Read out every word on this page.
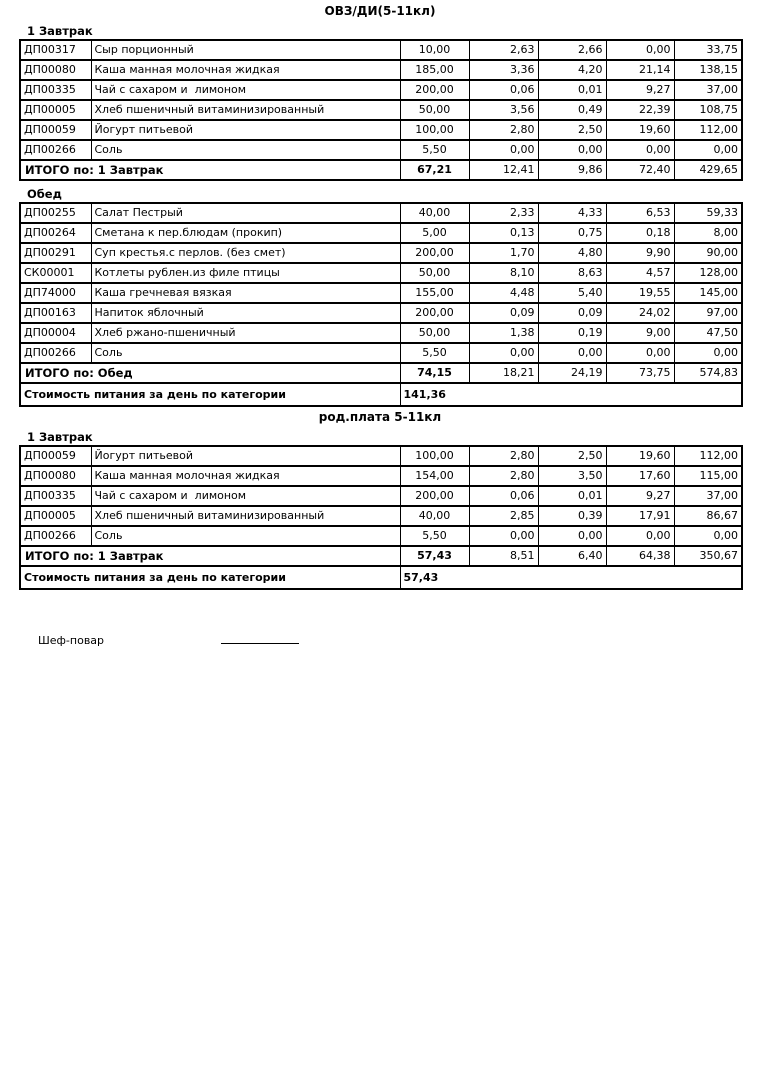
ОВЗ/ДИ(5-11кл)
1 Завтрак
ДП00317	Сыр порционный	10,00	2,63	2,66	0,00	33,75
ДП00080	Каша манная молочная жидкая	185,00	3,36	4,20	21,14	138,15
ДП00335	Чай с сахаром и  лимоном	200,00	0,06	0,01	9,27	37,00
ДП00005	Хлеб пшеничный витаминизированный	50,00	3,56	0,49	22,39	108,75
ДП00059	Йогурт питьевой	100,00	2,80	2,50	19,60	112,00
ДП00266	Соль	5,50	0,00	0,00	0,00	0,00
ИТОГО по: 1 Завтрак		67,21	12,41	9,86	72,40	429,65
Обед
ДП00255	Салат Пестрый	40,00	2,33	4,33	6,53	59,33
ДП00264	Сметана к пер.блюдам (прокип)	5,00	0,13	0,75	0,18	8,00
ДП00291	Суп крестья.с перлов. (без смет)	200,00	1,70	4,80	9,90	90,00
СК00001	Котлеты рублен.из филе птицы	50,00	8,10	8,63	4,57	128,00
ДП74000	Каша гречневая вязкая	155,00	4,48	5,40	19,55	145,00
ДП00163	Напиток яблочный	200,00	0,09	0,09	24,02	97,00
ДП00004	Хлеб ржано-пшеничный	50,00	1,38	0,19	9,00	47,50
ДП00266	Соль	5,50	0,00	0,00	0,00	0,00
ИТОГО по: Обед		74,15	18,21	24,19	73,75	574,83
Стоимость питания за день по категории		141,36				
род.плата 5-11кл
1 Завтрак
ДП00059	Йогурт питьевой	100,00	2,80	2,50	19,60	112,00
ДП00080	Каша манная молочная жидкая	154,00	2,80	3,50	17,60	115,00
ДП00335	Чай с сахаром и  лимоном	200,00	0,06	0,01	9,27	37,00
ДП00005	Хлеб пшеничный витаминизированный	40,00	2,85	0,39	17,91	86,67
ДП00266	Соль	5,50	0,00	0,00	0,00	0,00
ИТОГО по: 1 Завтрак		57,43	8,51	6,40	64,38	350,67
Стоимость питания за день по категории		57,43				
Шеф-повар
